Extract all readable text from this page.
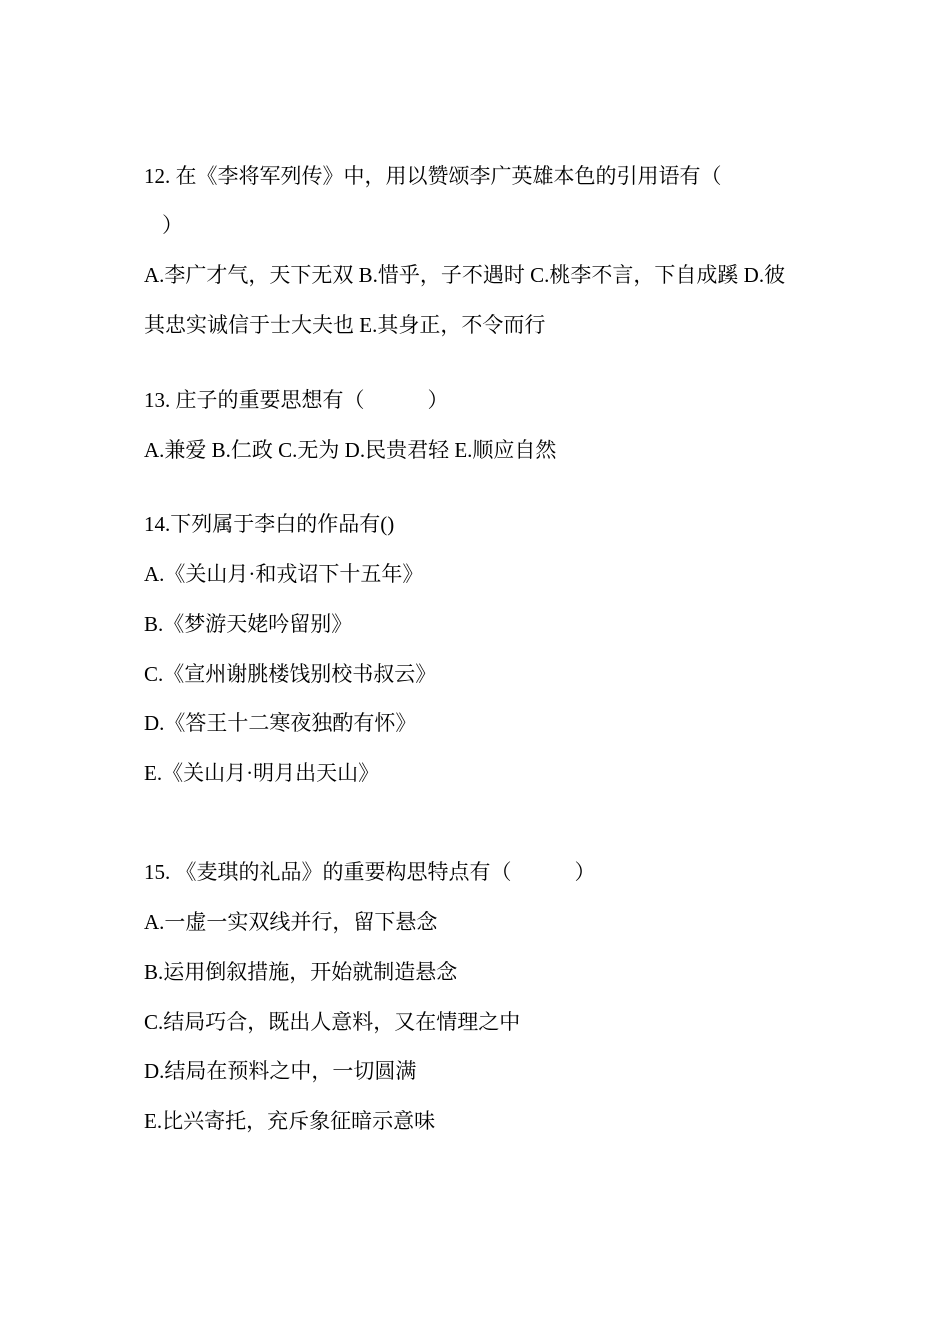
12. 在《李将军列传》中，用以赞颂李广英雄本色的引用语有（
）
A.李广才气，天下无双 B.惜乎，子不遇时 C.桃李不言，下自成蹊 D.彼
其忠实诚信于士大夫也 E.其身正，不令而行
13. 庄子的重要思想有（　　　）
A.兼爱 B.仁政 C.无为 D.民贵君轻 E.顺应自然
14.下列属于李白的作品有()
A.《关山月·和戎诏下十五年》
B.《梦游天姥吟留别》
C.《宣州谢朓楼饯别校书叔云》
D.《答王十二寒夜独酌有怀》
E.《关山月·明月出天山》
15. 《麦琪的礼品》的重要构思特点有（　　　）
A.一虚一实双线并行，留下悬念
B.运用倒叙措施，开始就制造悬念
C.结局巧合，既出人意料，又在情理之中
D.结局在预料之中，一切圆满
E.比兴寄托，充斥象征暗示意味
